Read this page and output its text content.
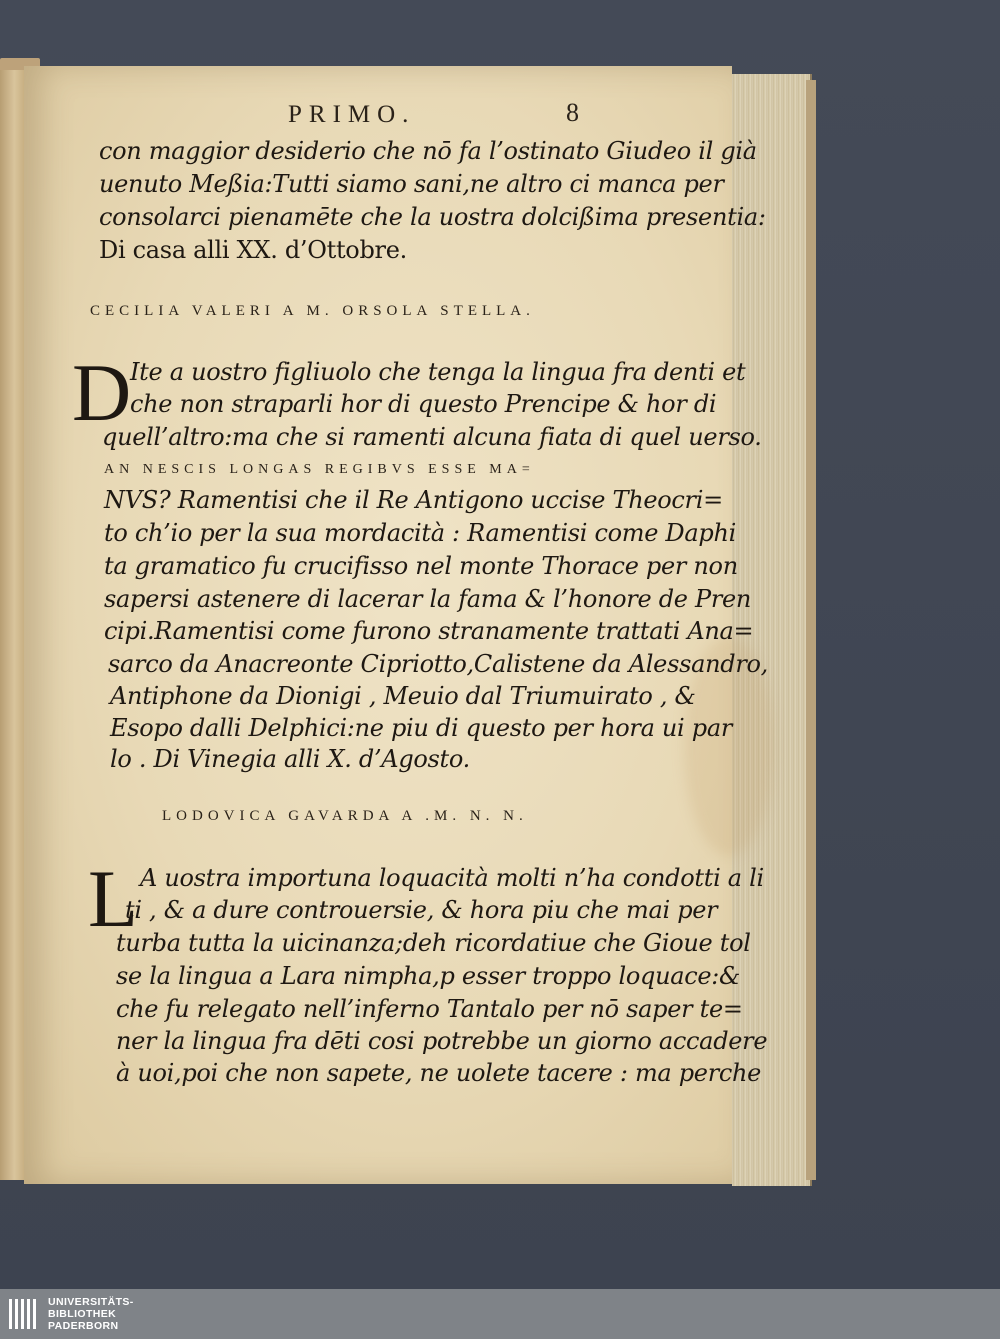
PRIMO.	8
con maggior desiderio che nō fa l’ostinato Giudeo il già
uenuto Meßia:Tutti siamo sani,ne altro ci manca per
consolarci pienamēte che la uostra dolcißima presentia:
Di casa alli XX. d’Ottobre.
CECILIA VALERI A M. ORSOLA STELLA.
D
Ite a uostro figliuolo che tenga la lingua fra denti et
che non straparli hor di questo Prencipe & hor di
quell’altro:ma che si ramenti alcuna fiata di quel uerso.
AN NESCIS LONGAS REGIBVS ESSE MA=
NVS? Ramentisi che il Re Antigono uccise Theocri=
to ch’io per la sua mordacità : Ramentisi come Daphi
ta gramatico fu crucifisso nel monte Thorace per non
sapersi astenere di lacerar la fama & l’honore de Pren
cipi.Ramentisi come furono stranamente trattati Ana=
sarco da Anacreonte Cipriotto,Calistene da Alessandro,
Antiphone da Dionigi , Meuio dal Triumuirato , &
Esopo dalli Delphici:ne piu di questo per hora ui par
lo . Di Vinegia alli X. d’Agosto.
LODOVICA GAVARDA A .M. N. N.
L A uostra importuna loquacità molti n’ha condotti a li
ti , & a dure controuersie, & hora piu che mai per
turba tutta la uicinanza;deh ricordatiue che Gioue tol
se la lingua a Lara nimpha,p esser troppo loquace:&
che fu relegato nell’inferno Tantalo per nō saper te=
ner la lingua fra dēti cosi potrebbe un giorno accadere
à uoi,poi che non sapete, ne uolete tacere : ma perche
UNIVERSITÄTS-
BIBLIOTHEK
PADERBORN
